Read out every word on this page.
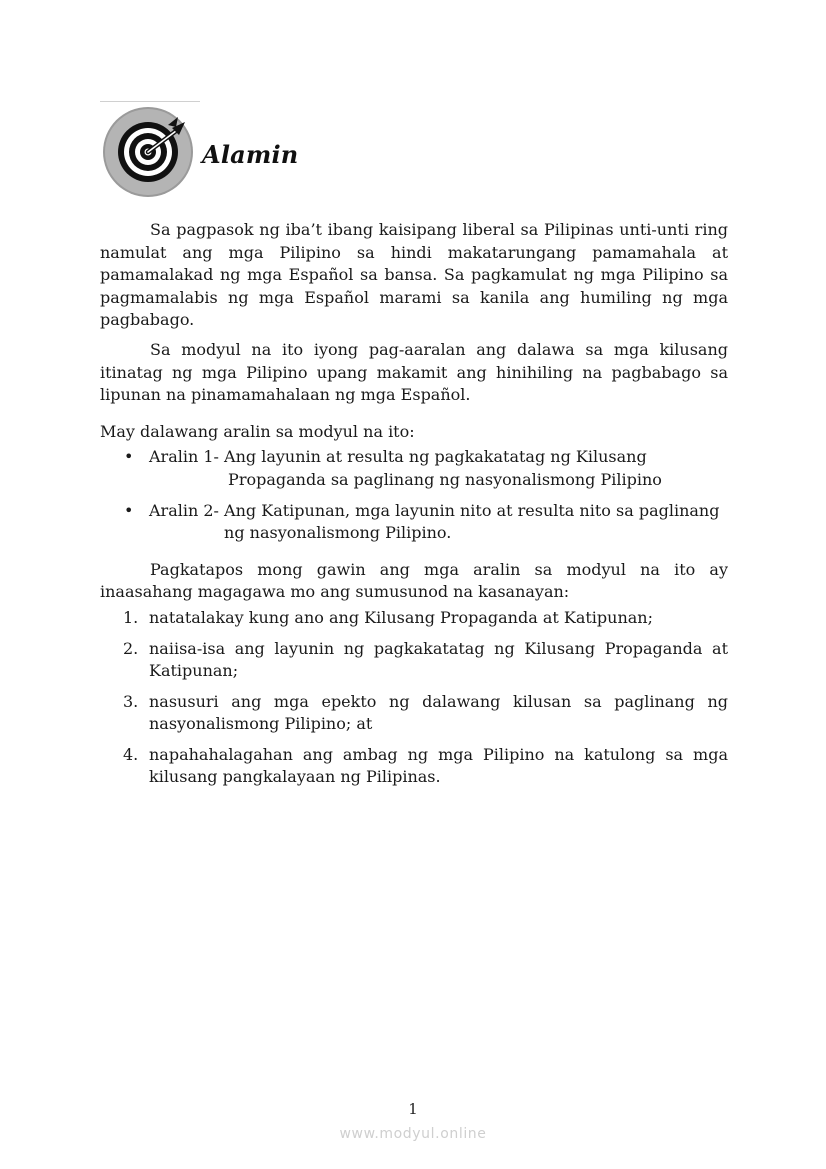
Alamin

Sa pagpasok ng iba’t ibang kaisipang liberal sa Pilipinas unti-unti ring namulat ang mga Pilipino sa hindi makatarungang pamamahala at pamamalakad ng mga Español sa bansa. Sa pagkamulat ng mga Pilipino sa pagmamalabis ng mga Español marami sa kanila ang humiling ng mga pagbabago.

Sa modyul na ito iyong pag-aaralan ang dalawa sa mga kilusang itinatag ng mga Pilipino upang makamit ang hinihiling na pagbabago sa lipunan na pinamamahalaan ng mga Español.

May dalawang aralin sa modyul na ito:

• Aralin 1- Ang layunin at resulta ng pagkakatatag ng Kilusang
Propaganda sa paglinang ng nasyonalismong Pilipino
• Aralin 2- Ang Katipunan, mga layunin nito at resulta nito sa paglinang
ng nasyonalismong Pilipino.

Pagkatapos mong gawin ang mga aralin sa modyul na ito ay inaasahang magagawa mo ang sumusunod na kasanayan:

1. natatalakay kung ano ang Kilusang Propaganda at Katipunan;
2. naiisa-isa ang layunin ng pagkakatatag ng Kilusang Propaganda at Katipunan;
3. nasusuri ang mga epekto ng dalawang kilusan sa paglinang ng nasyonalismong Pilipino; at
4. napahahalagahan ang ambag ng mga Pilipino na katulong sa mga kilusang pangkalayaan ng Pilipinas.
1
www.modyul.online
